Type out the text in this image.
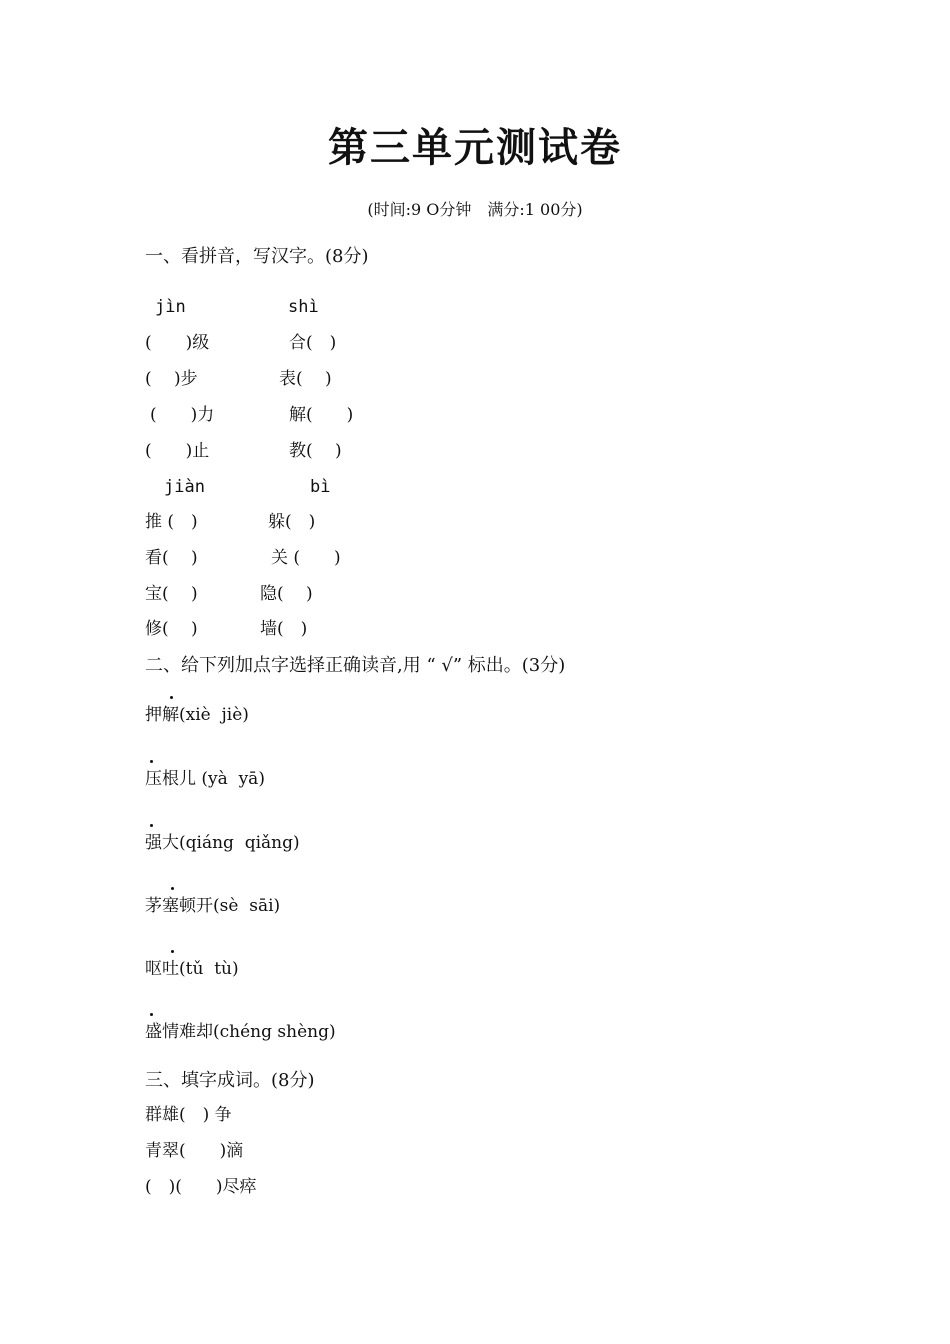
第三单元测试卷
(时间:9 O分钟　满分:1 00分)
一、看拼音，写汉字。(8分)
jìn	shì
(　　)级	合(　)
(　 )步	表(　 )
(　　)力	解(　　)
(　　)止	教(　 )
jiàn	bì
推 (　)	躲(　)
看(　 )	关 (　　)
宝(　 )	隐(　 )
修(　 )	墙(　)
二、给下列加点字选择正确读音,用 “ √” 标出。(3分)
押解(xiè  jiè)
压根儿 (yà  yā)
强大(qiáng  qiǎng)
茅塞顿开(sè  sāi)
呕吐(tǔ  tù)
盛情难却(chéng shèng)
三、填字成词。(8分)
群雄(　) 争
青翠(　　)滴
(　)(　　)尽瘁
